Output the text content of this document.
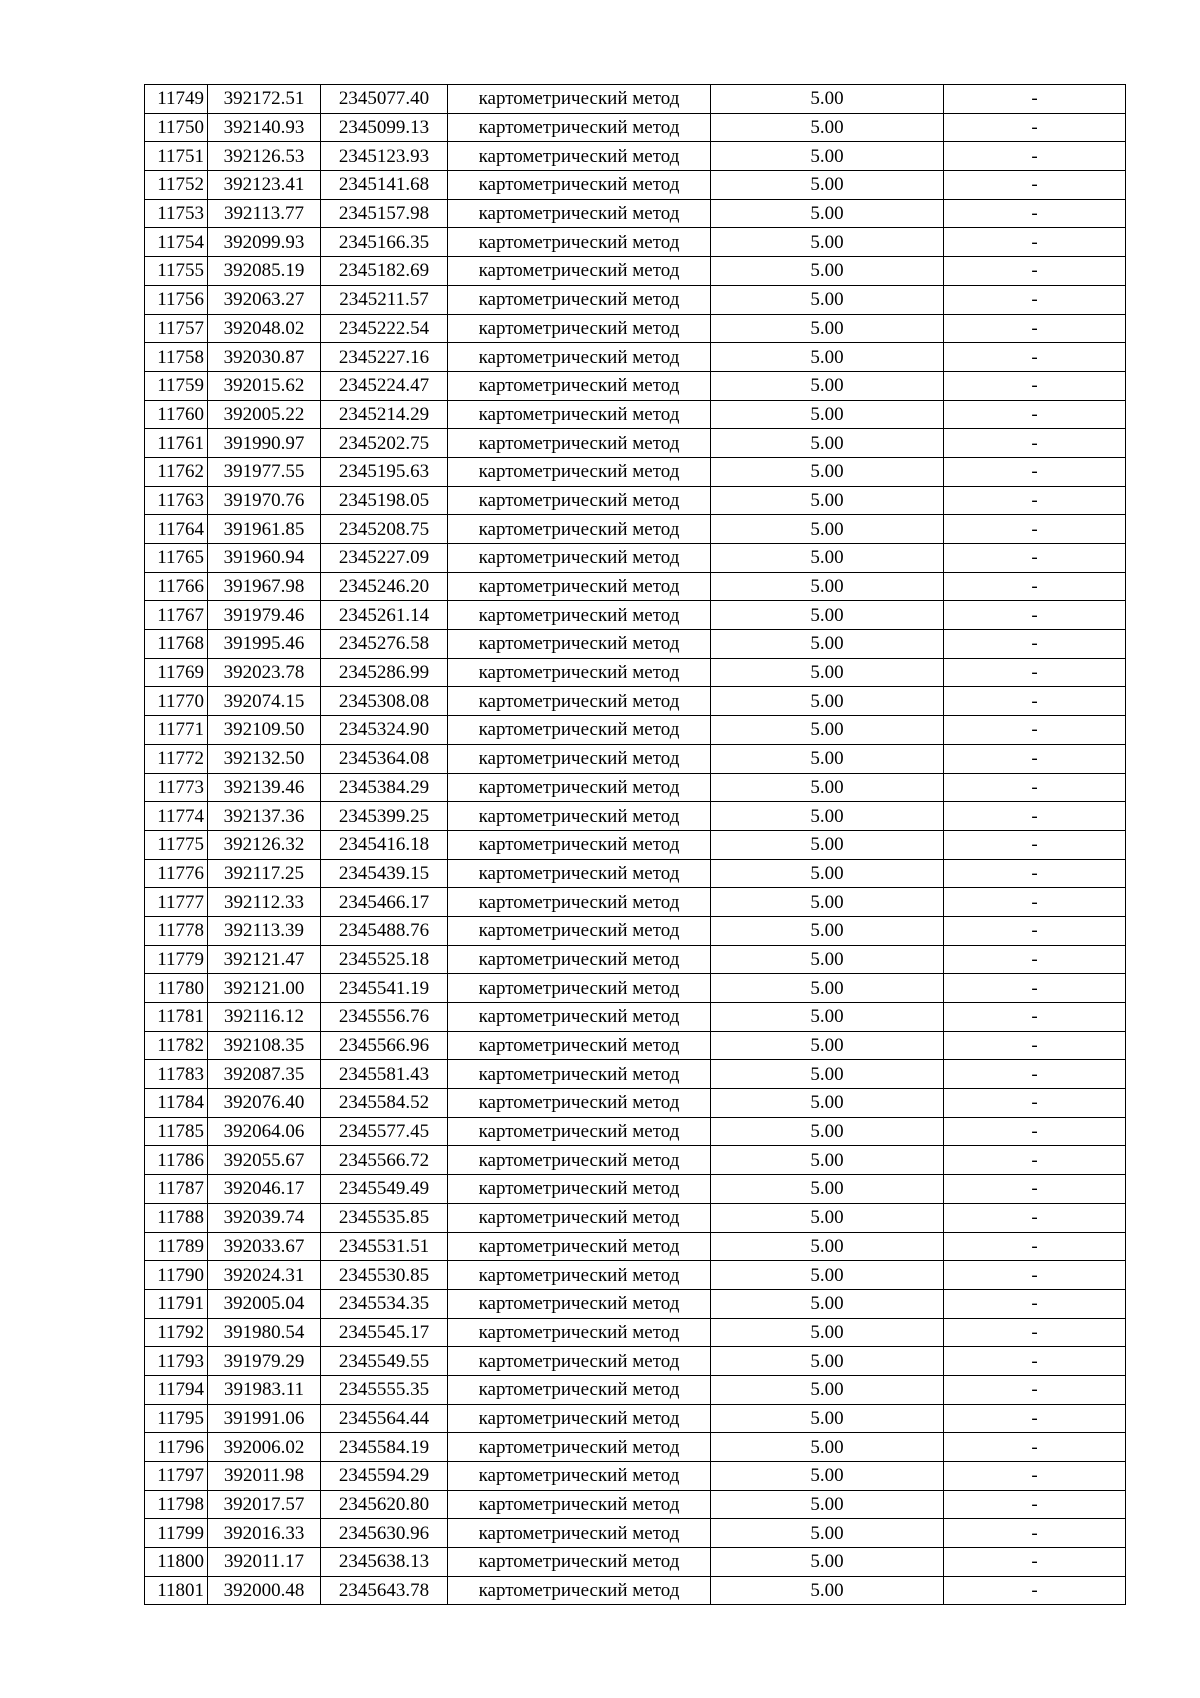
11749	392172.51	2345077.40	картометрический метод	5.00	-
11750	392140.93	2345099.13	картометрический метод	5.00	-
11751	392126.53	2345123.93	картометрический метод	5.00	-
11752	392123.41	2345141.68	картометрический метод	5.00	-
11753	392113.77	2345157.98	картометрический метод	5.00	-
11754	392099.93	2345166.35	картометрический метод	5.00	-
11755	392085.19	2345182.69	картометрический метод	5.00	-
11756	392063.27	2345211.57	картометрический метод	5.00	-
11757	392048.02	2345222.54	картометрический метод	5.00	-
11758	392030.87	2345227.16	картометрический метод	5.00	-
11759	392015.62	2345224.47	картометрический метод	5.00	-
11760	392005.22	2345214.29	картометрический метод	5.00	-
11761	391990.97	2345202.75	картометрический метод	5.00	-
11762	391977.55	2345195.63	картометрический метод	5.00	-
11763	391970.76	2345198.05	картометрический метод	5.00	-
11764	391961.85	2345208.75	картометрический метод	5.00	-
11765	391960.94	2345227.09	картометрический метод	5.00	-
11766	391967.98	2345246.20	картометрический метод	5.00	-
11767	391979.46	2345261.14	картометрический метод	5.00	-
11768	391995.46	2345276.58	картометрический метод	5.00	-
11769	392023.78	2345286.99	картометрический метод	5.00	-
11770	392074.15	2345308.08	картометрический метод	5.00	-
11771	392109.50	2345324.90	картометрический метод	5.00	-
11772	392132.50	2345364.08	картометрический метод	5.00	-
11773	392139.46	2345384.29	картометрический метод	5.00	-
11774	392137.36	2345399.25	картометрический метод	5.00	-
11775	392126.32	2345416.18	картометрический метод	5.00	-
11776	392117.25	2345439.15	картометрический метод	5.00	-
11777	392112.33	2345466.17	картометрический метод	5.00	-
11778	392113.39	2345488.76	картометрический метод	5.00	-
11779	392121.47	2345525.18	картометрический метод	5.00	-
11780	392121.00	2345541.19	картометрический метод	5.00	-
11781	392116.12	2345556.76	картометрический метод	5.00	-
11782	392108.35	2345566.96	картометрический метод	5.00	-
11783	392087.35	2345581.43	картометрический метод	5.00	-
11784	392076.40	2345584.52	картометрический метод	5.00	-
11785	392064.06	2345577.45	картометрический метод	5.00	-
11786	392055.67	2345566.72	картометрический метод	5.00	-
11787	392046.17	2345549.49	картометрический метод	5.00	-
11788	392039.74	2345535.85	картометрический метод	5.00	-
11789	392033.67	2345531.51	картометрический метод	5.00	-
11790	392024.31	2345530.85	картометрический метод	5.00	-
11791	392005.04	2345534.35	картометрический метод	5.00	-
11792	391980.54	2345545.17	картометрический метод	5.00	-
11793	391979.29	2345549.55	картометрический метод	5.00	-
11794	391983.11	2345555.35	картометрический метод	5.00	-
11795	391991.06	2345564.44	картометрический метод	5.00	-
11796	392006.02	2345584.19	картометрический метод	5.00	-
11797	392011.98	2345594.29	картометрический метод	5.00	-
11798	392017.57	2345620.80	картометрический метод	5.00	-
11799	392016.33	2345630.96	картометрический метод	5.00	-
11800	392011.17	2345638.13	картометрический метод	5.00	-
11801	392000.48	2345643.78	картометрический метод	5.00	-
